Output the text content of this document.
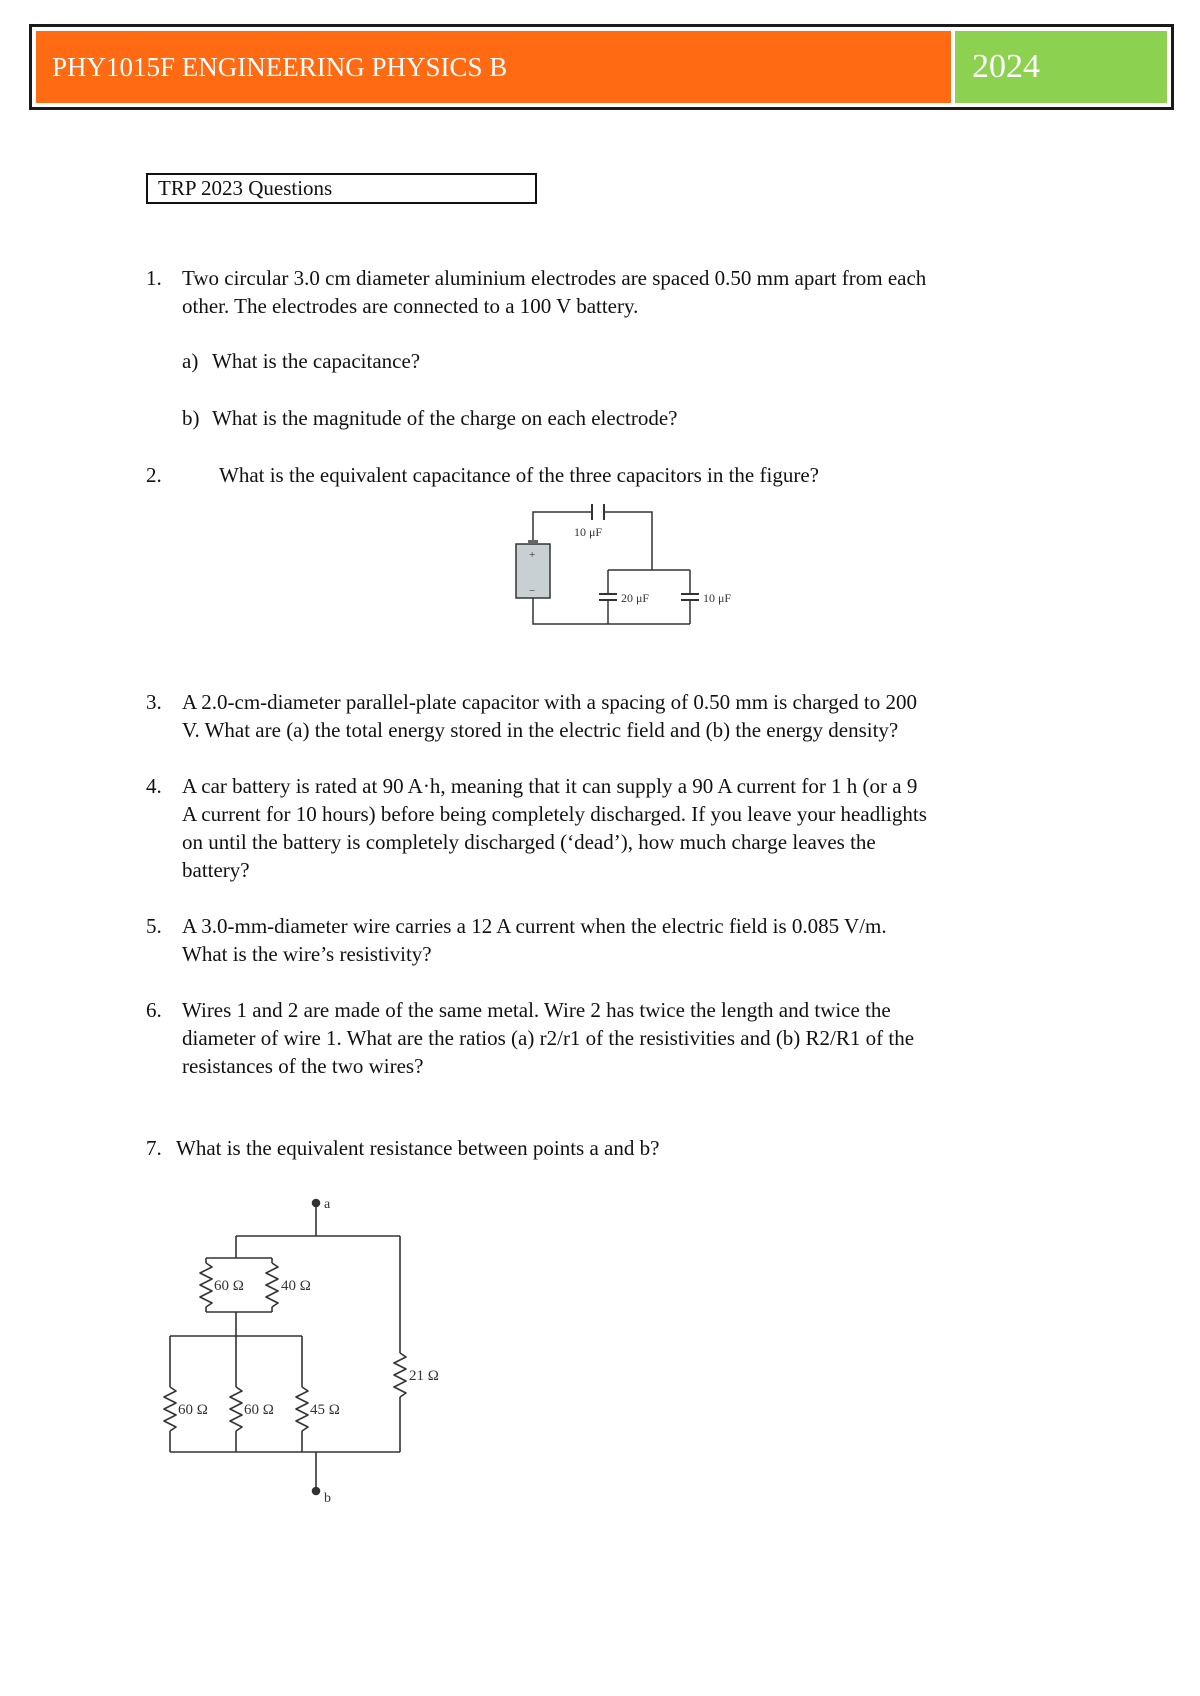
PHY1015F ENGINEERING PHYSICS B	2024
TRP 2023 Questions
1. Two circular 3.0 cm diameter aluminium electrodes are spaced 0.50 mm apart from each
other. The electrodes are connected to a 100 V battery.
a) What is the capacitance?
b) What is the magnitude of the charge on each electrode?
2.	What is the equivalent capacitance of the three capacitors in the figure?
+
−
10 μF
20 μF	10 μF
3. A 2.0-cm-diameter parallel-plate capacitor with a spacing of 0.50 mm is charged to 200
V. What are (a) the total energy stored in the electric field and (b) the energy density?
4. A car battery is rated at 90 A·h, meaning that it can supply a 90 A current for 1 h (or a 9
A current for 10 hours) before being completely discharged. If you leave your headlights
on until the battery is completely discharged (‘dead’), how much charge leaves the
battery?
5. A 3.0-mm-diameter wire carries a 12 A current when the electric field is 0.085 V/m.
What is the wire’s resistivity?
6. Wires 1 and 2 are made of the same metal. Wire 2 has twice the length and twice the
diameter of wire 1. What are the ratios (a) r2/r1 of the resistivities and (b) R2/R1 of the
resistances of the two wires?
7. What is the equivalent resistance between points a and b?
a
b
60 Ω 40 Ω
60 Ω 60 Ω 45 Ω
21 Ω
